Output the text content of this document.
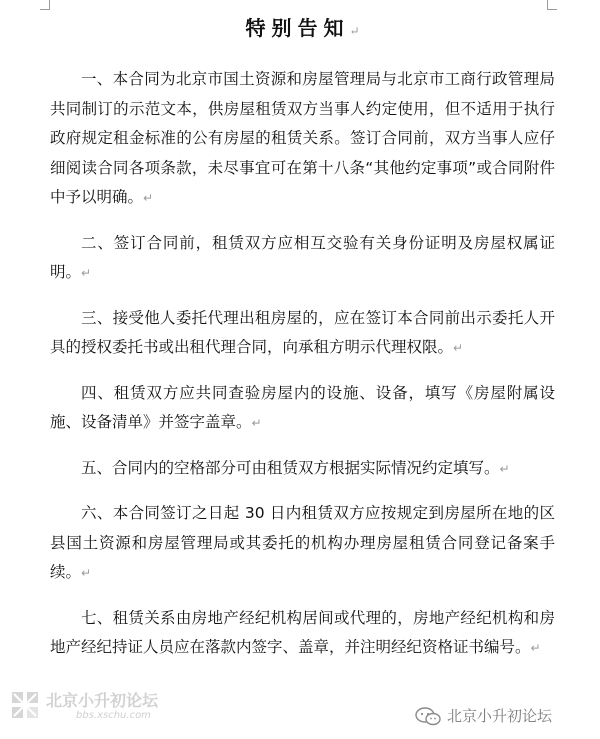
特别告知↵

一、本合同为北京市国土资源和房屋管理局与北京市工商行政管理局共同制订的示范文本，供房屋租赁双方当事人约定使用，但不适用于执行政府规定租金标准的公有房屋的租赁关系。签订合同前，双方当事人应仔细阅读合同各项条款，未尽事宜可在第十八条“其他约定事项”或合同附件中予以明确。↵

二、签订合同前，租赁双方应相互交验有关身份证明及房屋权属证明。↵

三、接受他人委托代理出租房屋的，应在签订本合同前出示委托人开具的授权委托书或出租代理合同，向承租方明示代理权限。↵

四、租赁双方应共同查验房屋内的设施、设备，填写《房屋附属设施、设备清单》并签字盖章。↵

五、合同内的空格部分可由租赁双方根据实际情况约定填写。↵

六、本合同签订之日起 30 日内租赁双方应按规定到房屋所在地的区县国土资源和房屋管理局或其委托的机构办理房屋租赁合同登记备案手续。↵

七、租赁关系由房地产经纪机构居间或代理的，房地产经纪机构和房地产经纪持证人员应在落款内签字、盖章，并注明经纪资格证书编号。↵

北京小升初论坛
bbs.xschu.com	北京小升初论坛
